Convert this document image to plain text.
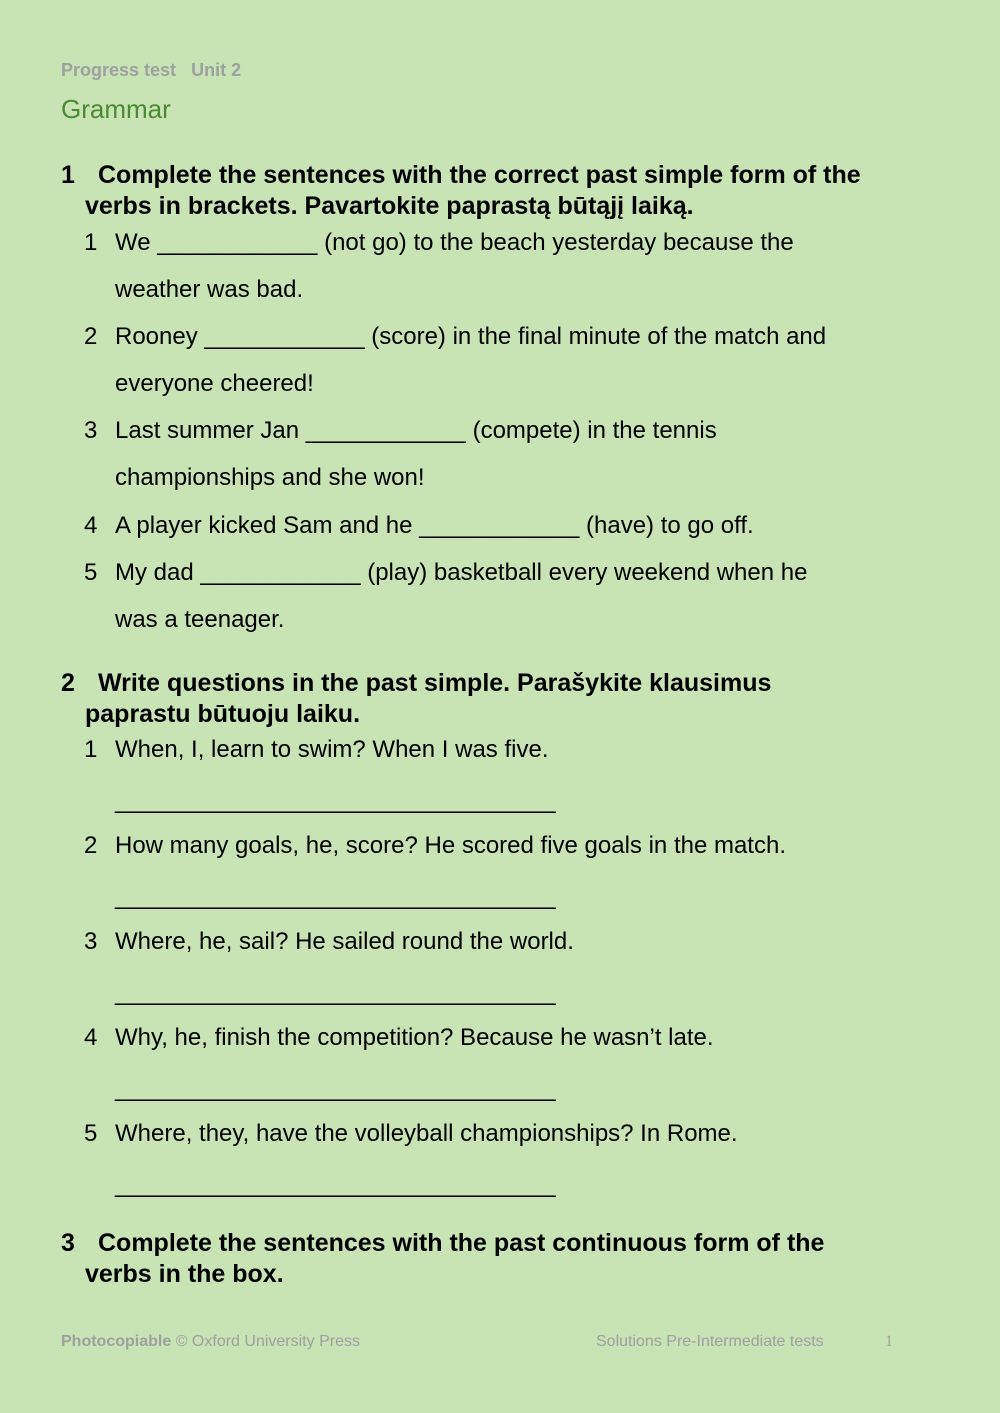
Progress test Unit 2
Grammar
1 Complete the sentences with the correct past simple form of the
verbs in brackets. Pavartokite paprastą būtąjį laiką.
1 We ____________ (not go) to the beach yesterday because the
weather was bad.
2 Rooney ____________ (score) in the final minute of the match and
everyone cheered!
3 Last summer Jan ____________ (compete) in the tennis
championships and she won!
4 A player kicked Sam and he ____________ (have) to go off.
5 My dad ____________ (play) basketball every weekend when he
was a teenager.
2 Write questions in the past simple. Parašykite klausimus
paprastu būtuoju laiku.
1 When, I, learn to swim? When I was five.
__________________________________
2 How many goals, he, score? He scored five goals in the match.
__________________________________
3 Where, he, sail? He sailed round the world.
__________________________________
4 Why, he, finish the competition? Because he wasn’t late.
__________________________________
5 Where, they, have the volleyball championships? In Rome.
__________________________________
3 Complete the sentences with the past continuous form of the
verbs in the box.
Photocopiable © Oxford University Press	Solutions Pre-Intermediate tests	1
